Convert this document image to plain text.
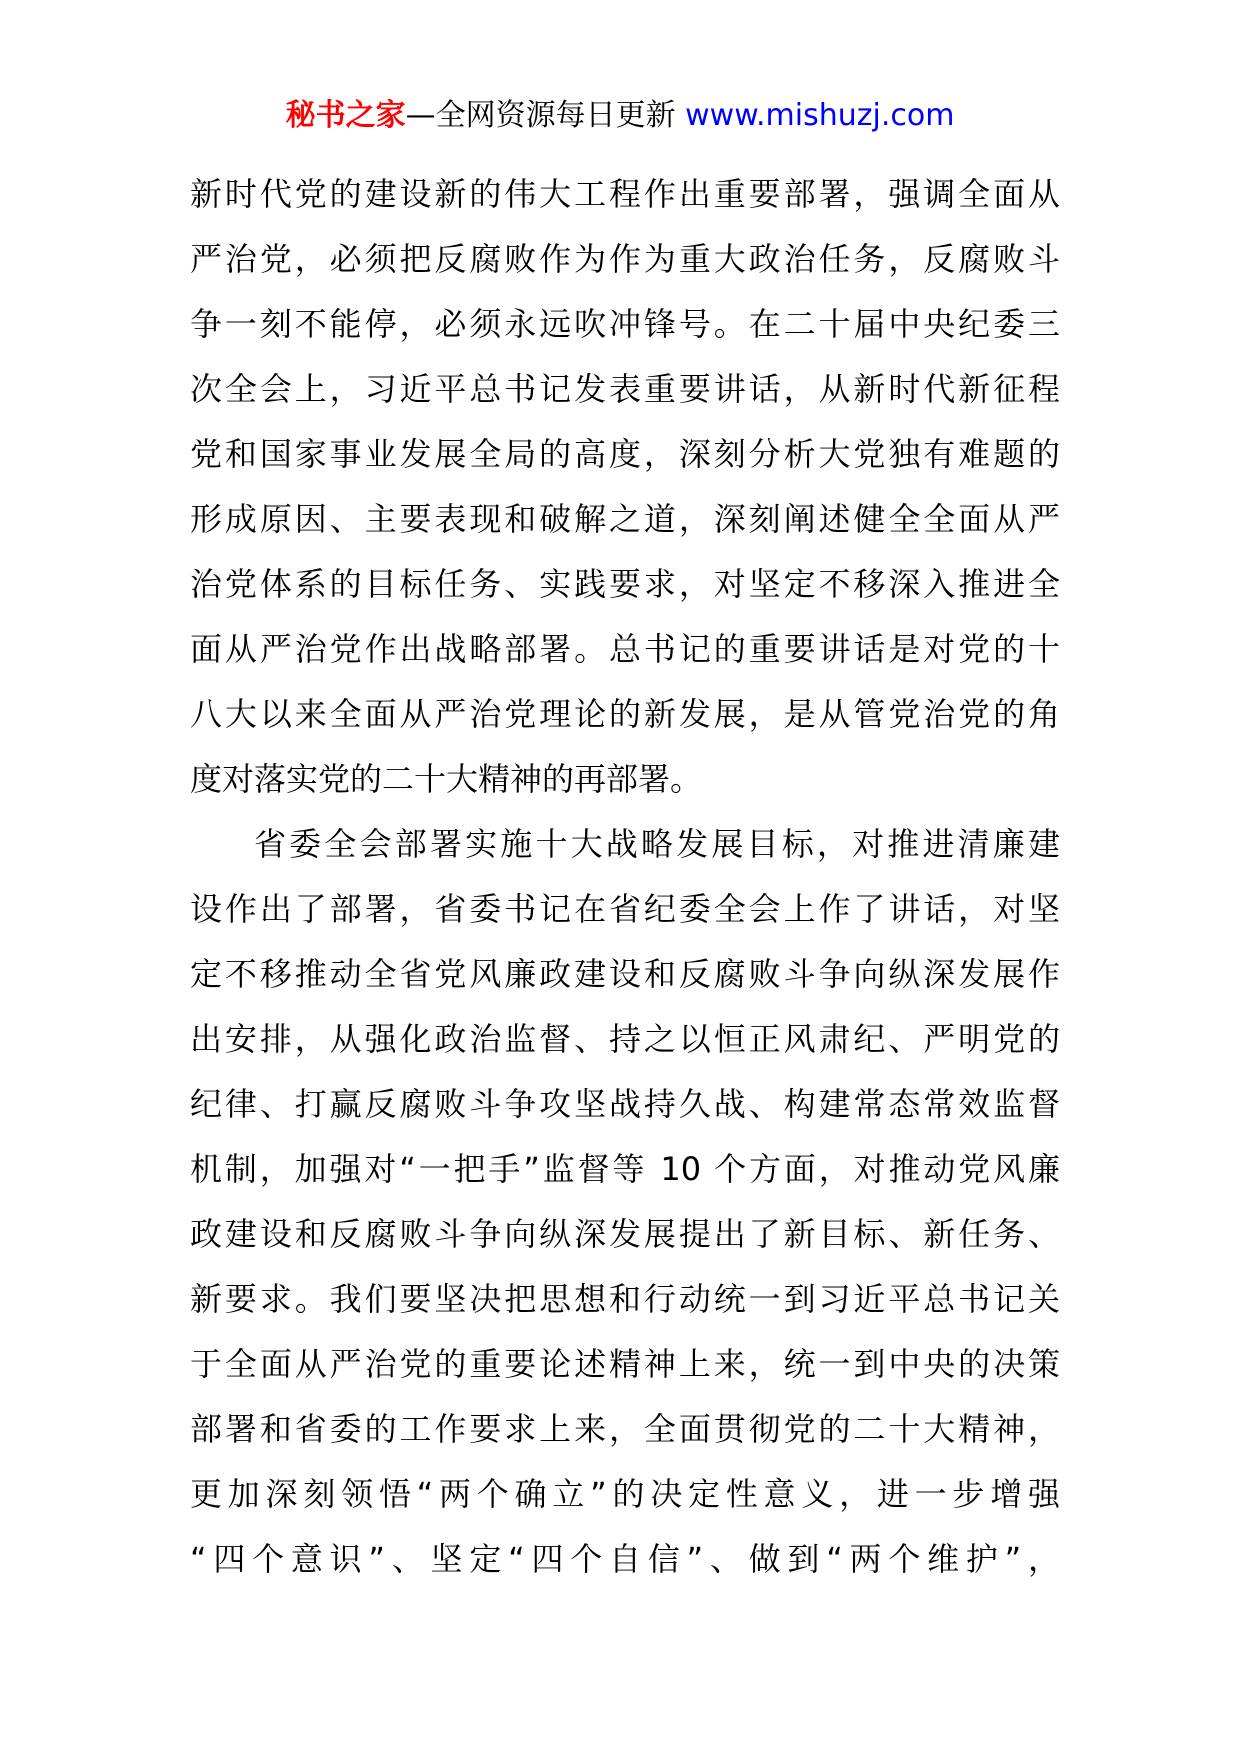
秘书之家—全网资源每日更新 www.mishuzj.com
新时代党的建设新的伟大工程作出重要部署，强调全面从
严治党，必须把反腐败作为作为重大政治任务，反腐败斗
争一刻不能停，必须永远吹冲锋号。在二十届中央纪委三
次全会上，习近平总书记发表重要讲话，从新时代新征程
党和国家事业发展全局的高度，深刻分析大党独有难题的
形成原因、主要表现和破解之道，深刻阐述健全全面从严
治党体系的目标任务、实践要求，对坚定不移深入推进全
面从严治党作出战略部署。总书记的重要讲话是对党的十
八大以来全面从严治党理论的新发展，是从管党治党的角
度对落实党的二十大精神的再部署。
省委全会部署实施十大战略发展目标，对推进清廉建
设作出了部署，省委书记在省纪委全会上作了讲话，对坚
定不移推动全省党风廉政建设和反腐败斗争向纵深发展作
出安排，从强化政治监督、持之以恒正风肃纪、严明党的
纪律、打赢反腐败斗争攻坚战持久战、构建常态常效监督
机制，加强对“一把手”监督等 10 个方面，对推动党风廉
政建设和反腐败斗争向纵深发展提出了新目标、新任务、
新要求。我们要坚决把思想和行动统一到习近平总书记关
于全面从严治党的重要论述精神上来，统一到中央的决策
部署和省委的工作要求上来，全面贯彻党的二十大精神，
更加深刻领悟“两个确立”的决定性意义，进一步增强
“四个意识”、坚定“四个自信”、做到“两个维护”，
